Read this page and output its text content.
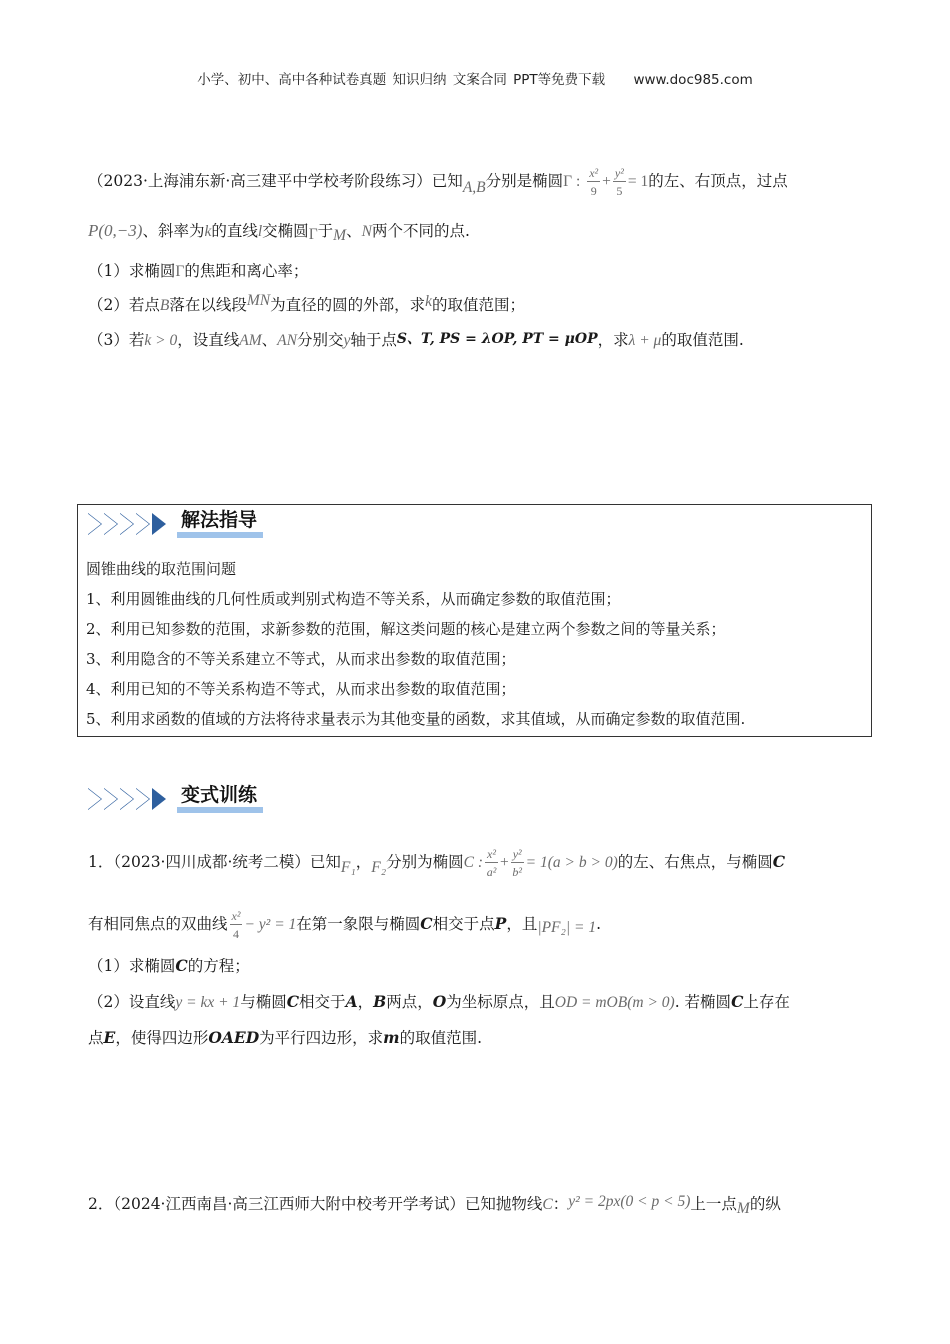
小学、初中、高中各种试卷真题 知识归纳 文案合同 PPT等免费下载 www.doc985.com
（2023·上海浦东新·高三建平中学校考阶段练习）已知A,B分别是椭圆Γ : $\frac{\text{x²}}{9} + \frac{\text{y²}}{5} = 1$的左、右顶点，过点
P(0,−3)、斜率为k的直线l交椭圆Γ于M、N两个不同的点.
（1）求椭圆Γ的焦距和离心率；
（2）若点B落在以线段MN为直径的圆的外部，求k的取值范围；
（3）若k > 0，设直线AM、AN分别交y轴于点S、T, PS = λOP, PT = μOP，求λ + μ的取值范围.
解法指导
圆锥曲线的取范围问题
1、利用圆锥曲线的几何性质或判别式构造不等关系，从而确定参数的取值范围；
2、利用已知参数的范围，求新参数的范围，解这类问题的核心是建立两个参数之间的等量关系；
3、利用隐含的不等关系建立不等式，从而求出参数的取值范围；
4、利用已知的不等关系构造不等式，从而求出参数的取值范围；
5、利用求函数的值域的方法将待求量表示为其他变量的函数，求其值域，从而确定参数的取值范围.
变式训练
1．（2023·四川成都·统考二模）已知F₁，F₂分别为椭圆C : $\frac{\text{x²}}{\text{a²}} + \frac{\text{y²}}{\text{b²}} = 1(a > b > 0)$的左、右焦点，与椭圆C
有相同焦点的双曲线 $\frac{\text{x²}}{4} - y^2 = 1$在第一象限与椭圆C相交于点P，且|PF₂| = 1.
（1）求椭圆C的方程；
（2）设直线y = kx + 1与椭圆C相交于A，B两点，O为坐标原点，且OD = mOB(m > 0). 若椭圆C上存在
点E，使得四边形OAED为平行四边形，求m的取值范围.
2．（2024·江西南昌·高三江西师大附中校考开学考试）已知抛物线C：y² = 2px(0 < p < 5)上一点M的纵
